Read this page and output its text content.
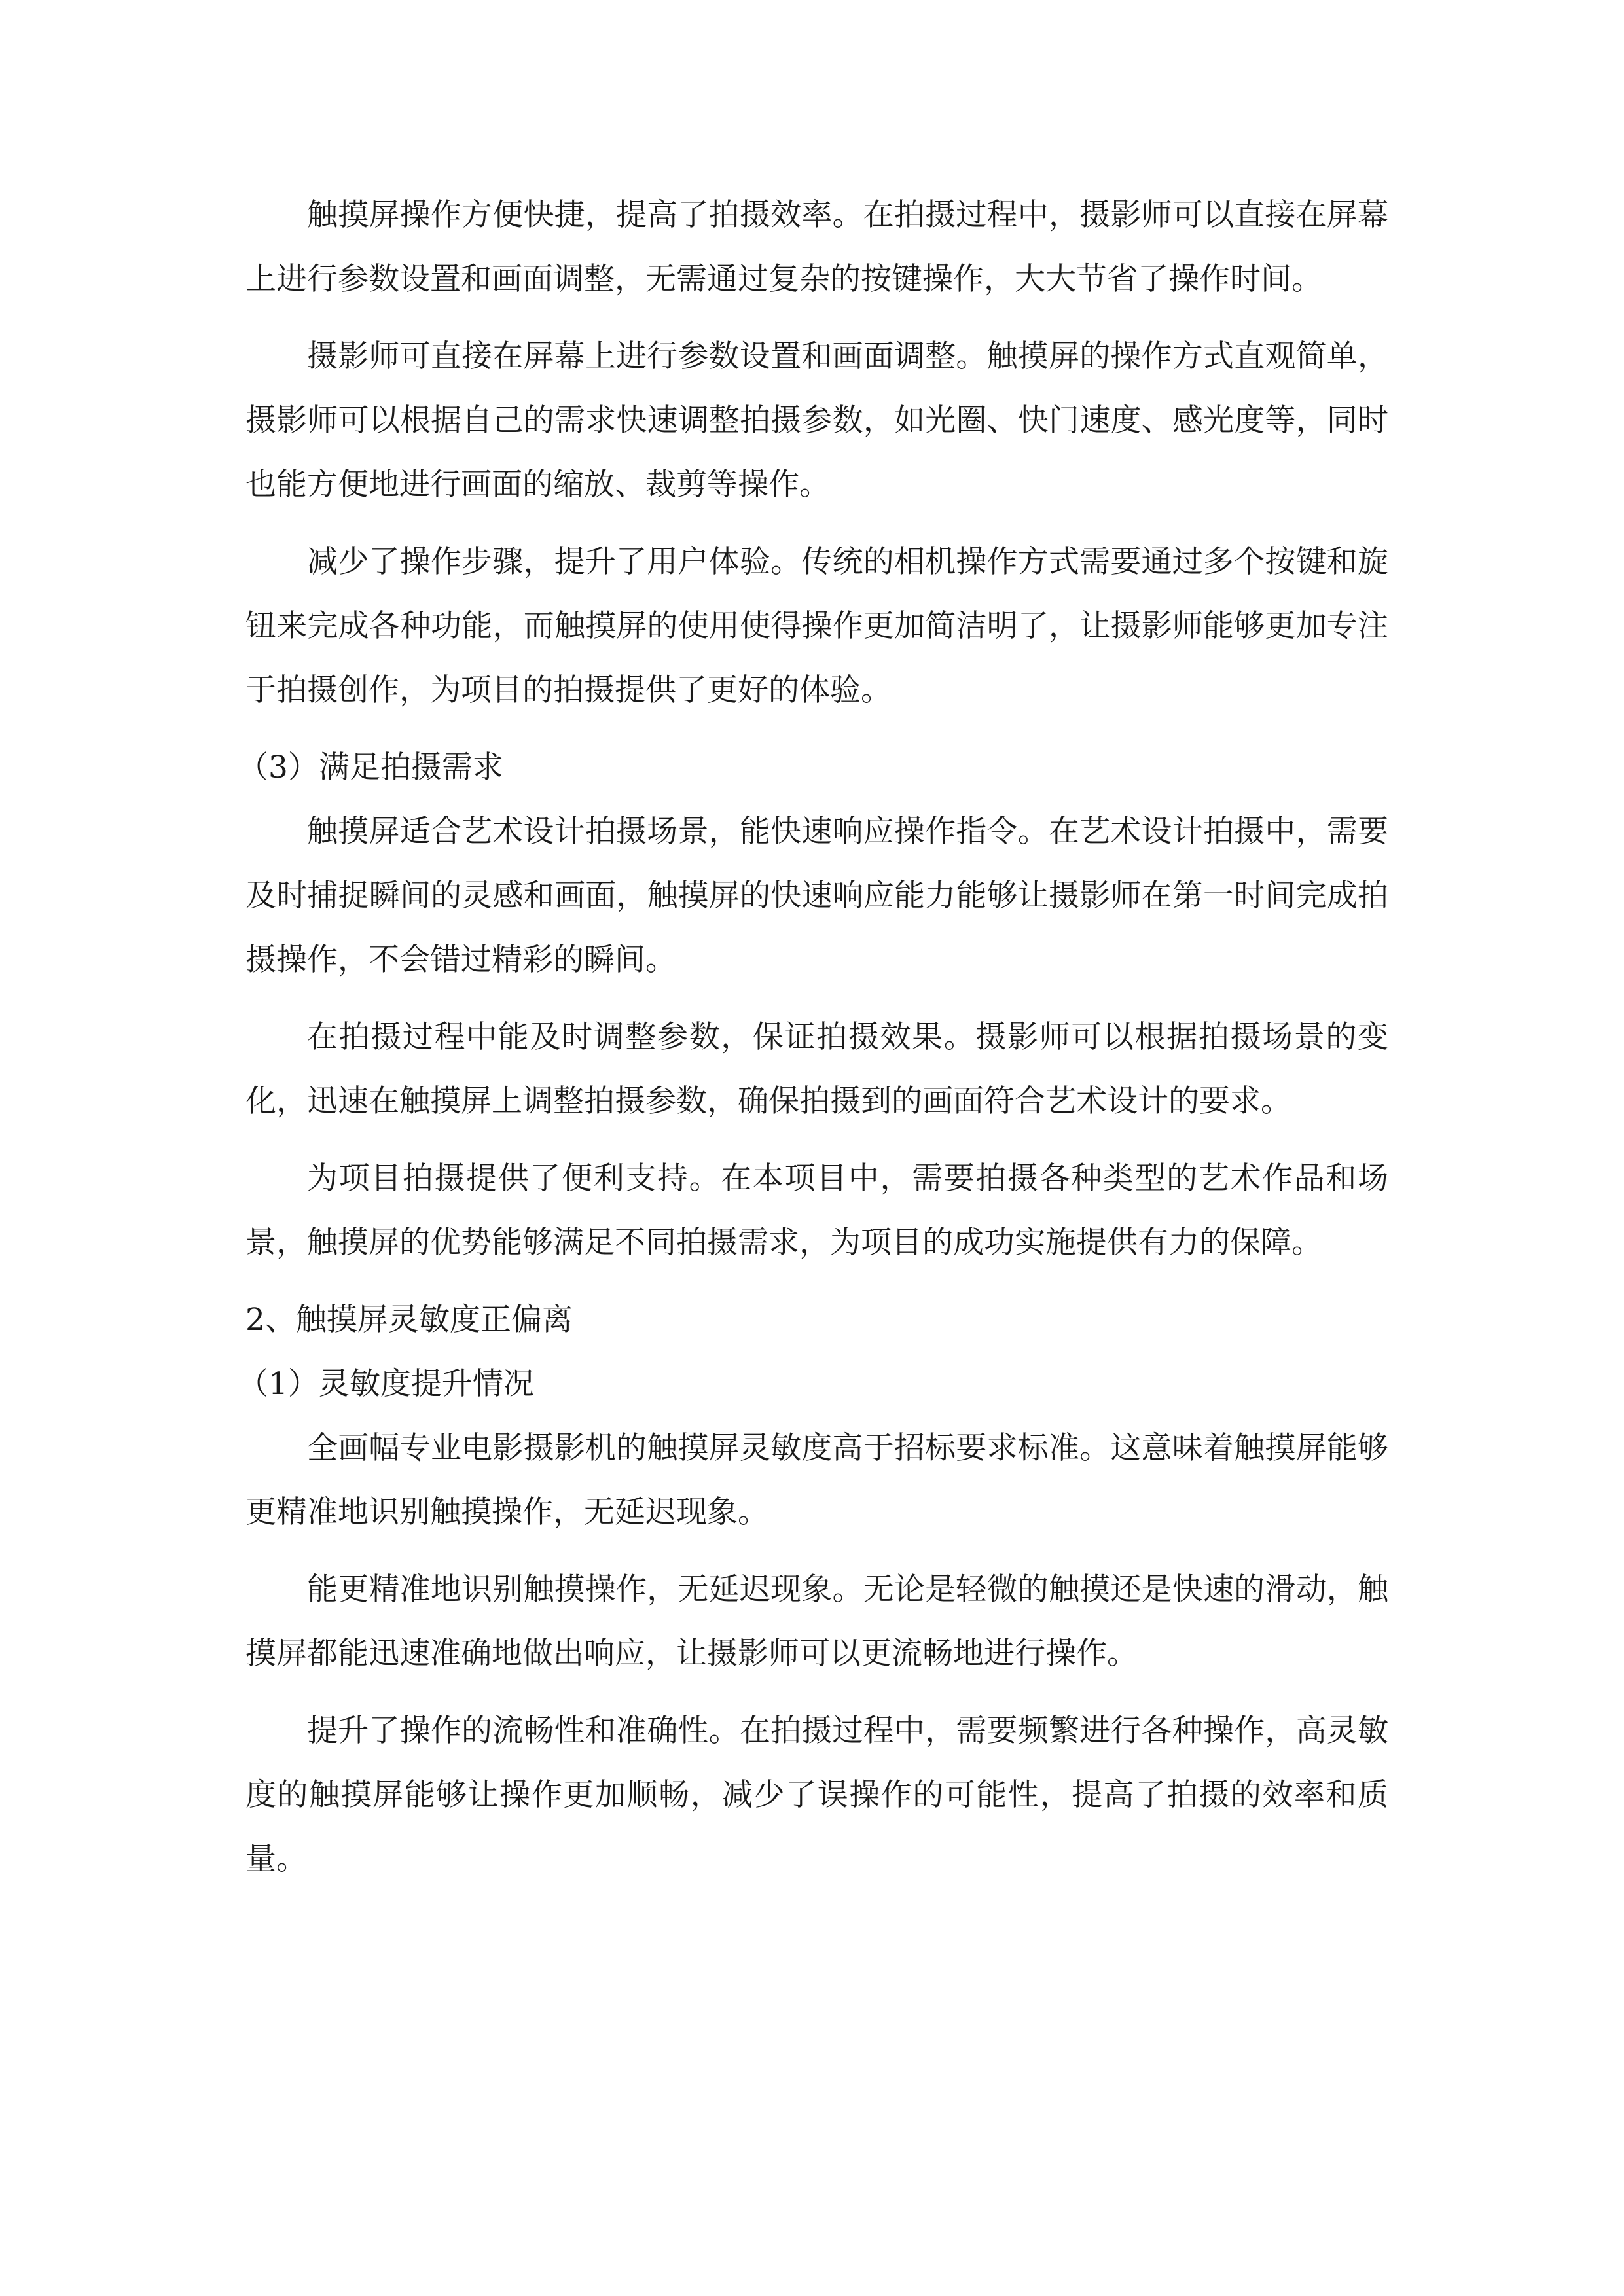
触摸屏操作方便快捷，提高了拍摄效率。在拍摄过程中，摄影师可以直接在屏幕上进行参数设置和画面调整，无需通过复杂的按键操作，大大节省了操作时间。

摄影师可直接在屏幕上进行参数设置和画面调整。触摸屏的操作方式直观简单，摄影师可以根据自己的需求快速调整拍摄参数，如光圈、快门速度、感光度等，同时也能方便地进行画面的缩放、裁剪等操作。

减少了操作步骤，提升了用户体验。传统的相机操作方式需要通过多个按键和旋钮来完成各种功能，而触摸屏的使用使得操作更加简洁明了，让摄影师能够更加专注于拍摄创作，为项目的拍摄提供了更好的体验。

（3）满足拍摄需求

触摸屏适合艺术设计拍摄场景，能快速响应操作指令。在艺术设计拍摄中，需要及时捕捉瞬间的灵感和画面，触摸屏的快速响应能力能够让摄影师在第一时间完成拍摄操作，不会错过精彩的瞬间。

在拍摄过程中能及时调整参数，保证拍摄效果。摄影师可以根据拍摄场景的变化，迅速在触摸屏上调整拍摄参数，确保拍摄到的画面符合艺术设计的要求。

为项目拍摄提供了便利支持。在本项目中，需要拍摄各种类型的艺术作品和场景，触摸屏的优势能够满足不同拍摄需求，为项目的成功实施提供有力的保障。

2、触摸屏灵敏度正偏离

（1）灵敏度提升情况

全画幅专业电影摄影机的触摸屏灵敏度高于招标要求标准。这意味着触摸屏能够更精准地识别触摸操作，无延迟现象。

能更精准地识别触摸操作，无延迟现象。无论是轻微的触摸还是快速的滑动，触摸屏都能迅速准确地做出响应，让摄影师可以更流畅地进行操作。

提升了操作的流畅性和准确性。在拍摄过程中，需要频繁进行各种操作，高灵敏度的触摸屏能够让操作更加顺畅，减少了误操作的可能性，提高了拍摄的效率和质量。
